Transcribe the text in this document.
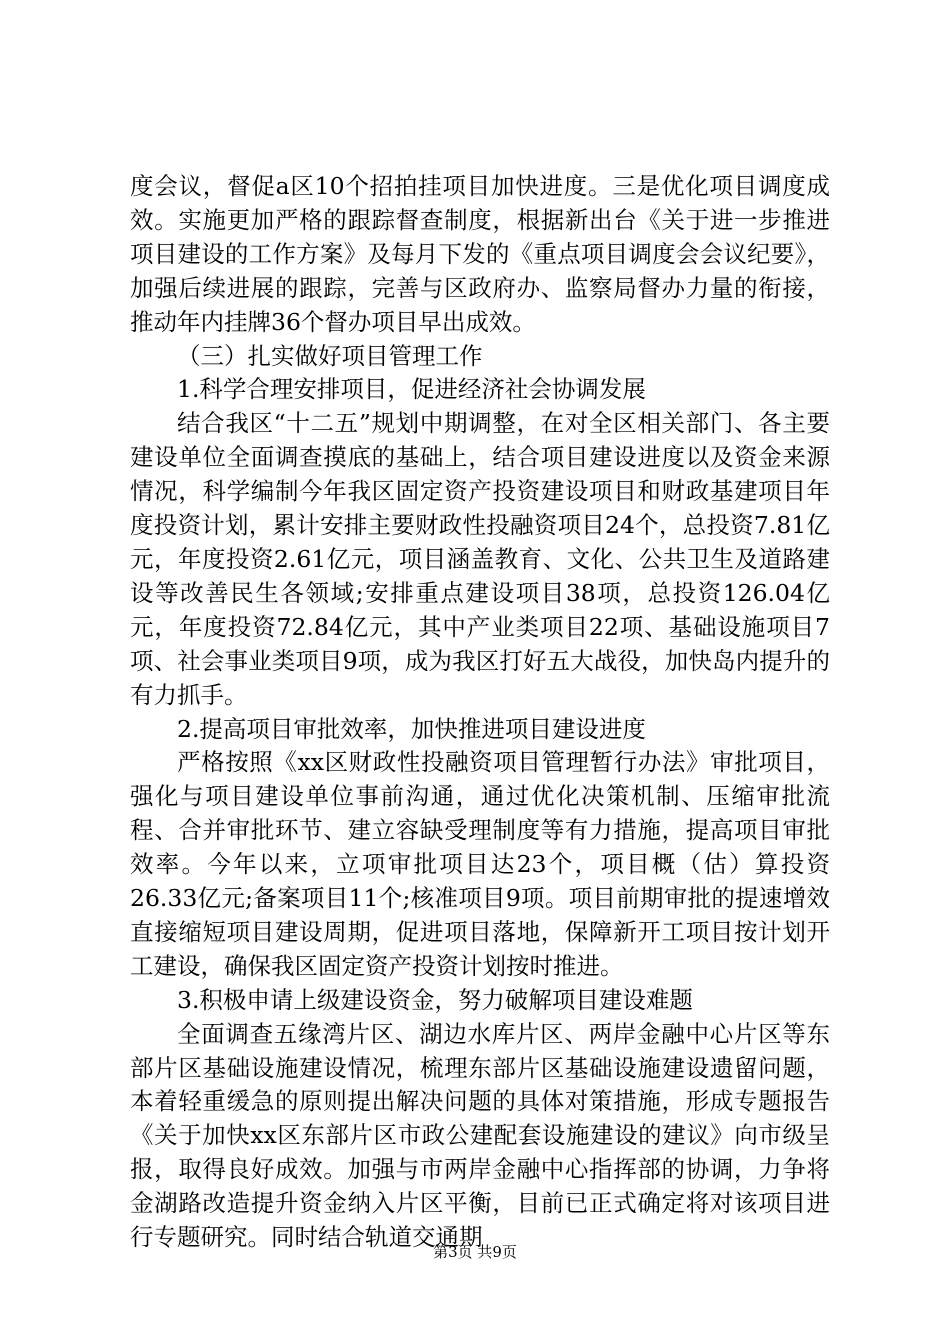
度会议，督促a区10个招拍挂项目加快进度。三是优化项目调度成效。实施更加严格的跟踪督查制度，根据新出台《关于进一步推进项目建设的工作方案》及每月下发的《重点项目调度会会议纪要》，加强后续进展的跟踪，完善与区政府办、监察局督办力量的衔接，推动年内挂牌36个督办项目早出成效。

（三）扎实做好项目管理工作

1.科学合理安排项目，促进经济社会协调发展

结合我区“十二五”规划中期调整，在对全区相关部门、各主要建设单位全面调查摸底的基础上，结合项目建设进度以及资金来源情况，科学编制今年我区固定资产投资建设项目和财政基建项目年度投资计划，累计安排主要财政性投融资项目24个，总投资7.81亿元，年度投资2.61亿元，项目涵盖教育、文化、公共卫生及道路建设等改善民生各领域;安排重点建设项目38项，总投资126.04亿元，年度投资72.84亿元，其中产业类项目22项、基础设施项目7项、社会事业类项目9项，成为我区打好五大战役，加快岛内提升的有力抓手。

2.提高项目审批效率，加快推进项目建设进度

严格按照《xx区财政性投融资项目管理暂行办法》审批项目，强化与项目建设单位事前沟通，通过优化决策机制、压缩审批流程、合并审批环节、建立容缺受理制度等有力措施，提高项目审批效率。今年以来，立项审批项目达23个，项目概（估）算投资26.33亿元;备案项目11个;核准项目9项。项目前期审批的提速增效直接缩短项目建设周期，促进项目落地，保障新开工项目按计划开工建设，确保我区固定资产投资计划按时推进。

3.积极申请上级建设资金，努力破解项目建设难题

全面调查五缘湾片区、湖边水库片区、两岸金融中心片区等东部片区基础设施建设情况，梳理东部片区基础设施建设遗留问题，本着轻重缓急的原则提出解决问题的具体对策措施，形成专题报告《关于加快xx区东部片区市政公建配套设施建设的建议》向市级呈报，取得良好成效。加强与市两岸金融中心指挥部的协调，力争将金湖路改造提升资金纳入片区平衡，目前已正式确定将对该项目进行专题研究。同时结合轨道交通期

第3页 共9页
